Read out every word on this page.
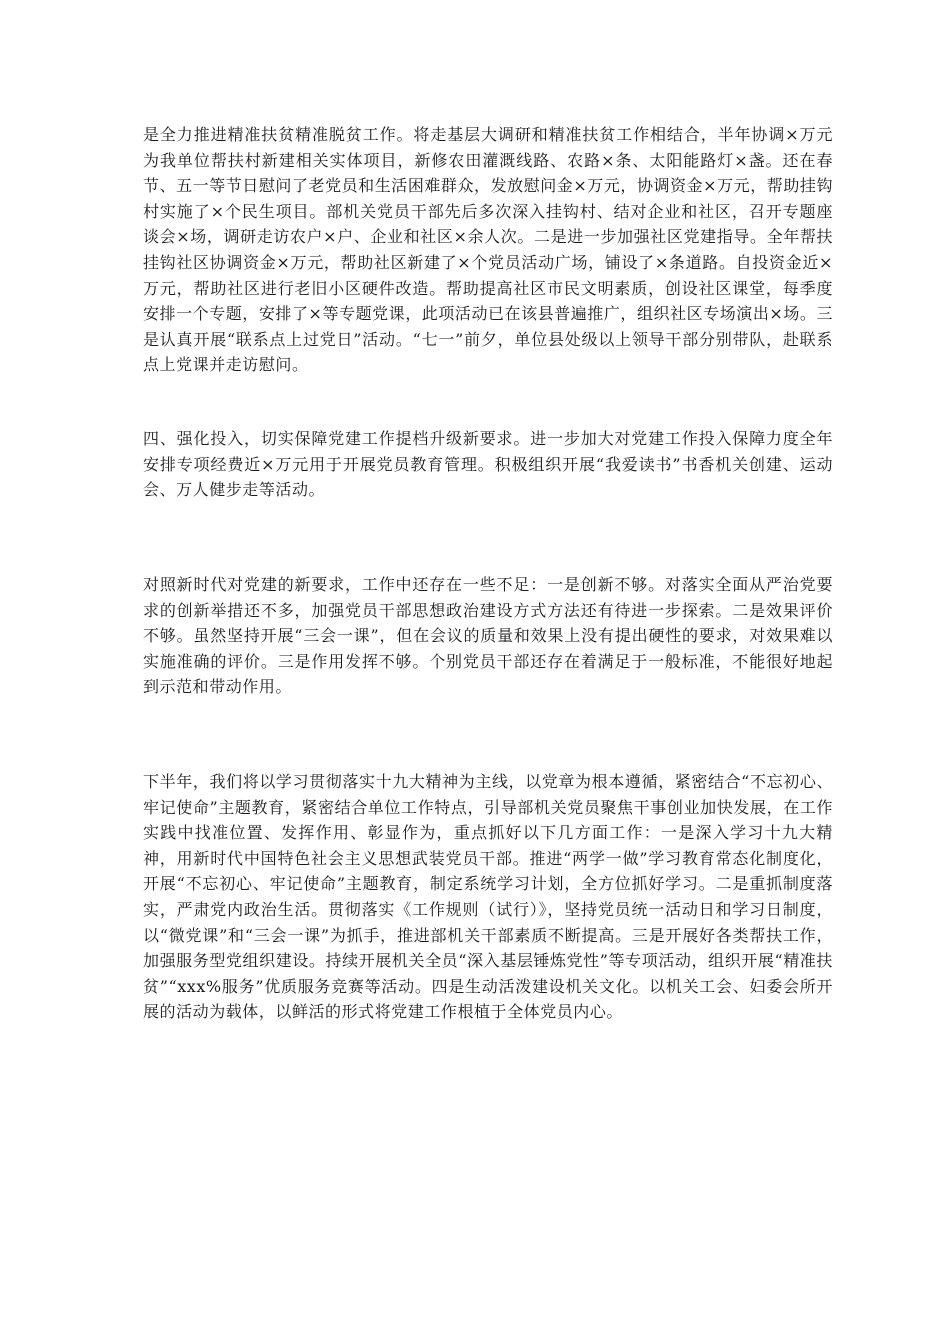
是全力推进精准扶贫精准脱贫工作。将走基层大调研和精准扶贫工作相结合，半年协调×万元为我单位帮扶村新建相关实体项目，新修农田灌溉线路、农路×条、太阳能路灯×盏。还在春节、五一等节日慰问了老党员和生活困难群众，发放慰问金×万元，协调资金×万元，帮助挂钩村实施了×个民生项目。部机关党员干部先后多次深入挂钩村、结对企业和社区，召开专题座谈会×场，调研走访农户×户、企业和社区×余人次。二是进一步加强社区党建指导。全年帮扶挂钩社区协调资金×万元，帮助社区新建了×个党员活动广场，铺设了×条道路。自投资金近×万元，帮助社区进行老旧小区硬件改造。帮助提高社区市民文明素质，创设社区课堂，每季度安排一个专题，安排了×等专题党课，此项活动已在该县普遍推广，组织社区专场演出×场。三是认真开展“联系点上过党日”活动。“七一”前夕，单位县处级以上领导干部分别带队，赴联系点上党课并走访慰问。

四、强化投入，切实保障党建工作提档升级新要求。进一步加大对党建工作投入保障力度全年安排专项经费近×万元用于开展党员教育管理。积极组织开展“我爱读书”书香机关创建、运动会、万人健步走等活动。

对照新时代对党建的新要求，工作中还存在一些不足：一是创新不够。对落实全面从严治党要求的创新举措还不多，加强党员干部思想政治建设方式方法还有待进一步探索。二是效果评价不够。虽然坚持开展“三会一课”，但在会议的质量和效果上没有提出硬性的要求，对效果难以实施准确的评价。三是作用发挥不够。个别党员干部还存在着满足于一般标准，不能很好地起到示范和带动作用。

下半年，我们将以学习贯彻落实十九大精神为主线，以党章为根本遵循，紧密结合“不忘初心、牢记使命”主题教育，紧密结合单位工作特点，引导部机关党员聚焦干事创业加快发展，在工作实践中找准位置、发挥作用、彰显作为，重点抓好以下几方面工作：一是深入学习十九大精神，用新时代中国特色社会主义思想武装党员干部。推进“两学一做”学习教育常态化制度化，开展“不忘初心、牢记使命”主题教育，制定系统学习计划，全方位抓好学习。二是重抓制度落实，严肃党内政治生活。贯彻落实《工作规则（试行）》，坚持党员统一活动日和学习日制度，以“微党课”和“三会一课”为抓手，推进部机关干部素质不断提高。三是开展好各类帮扶工作，加强服务型党组织建设。持续开展机关全员“深入基层锤炼党性”等专项活动，组织开展“精准扶贫”“xxx%服务”优质服务竞赛等活动。四是生动活泼建设机关文化。以机关工会、妇委会所开展的活动为载体，以鲜活的形式将党建工作根植于全体党员内心。
